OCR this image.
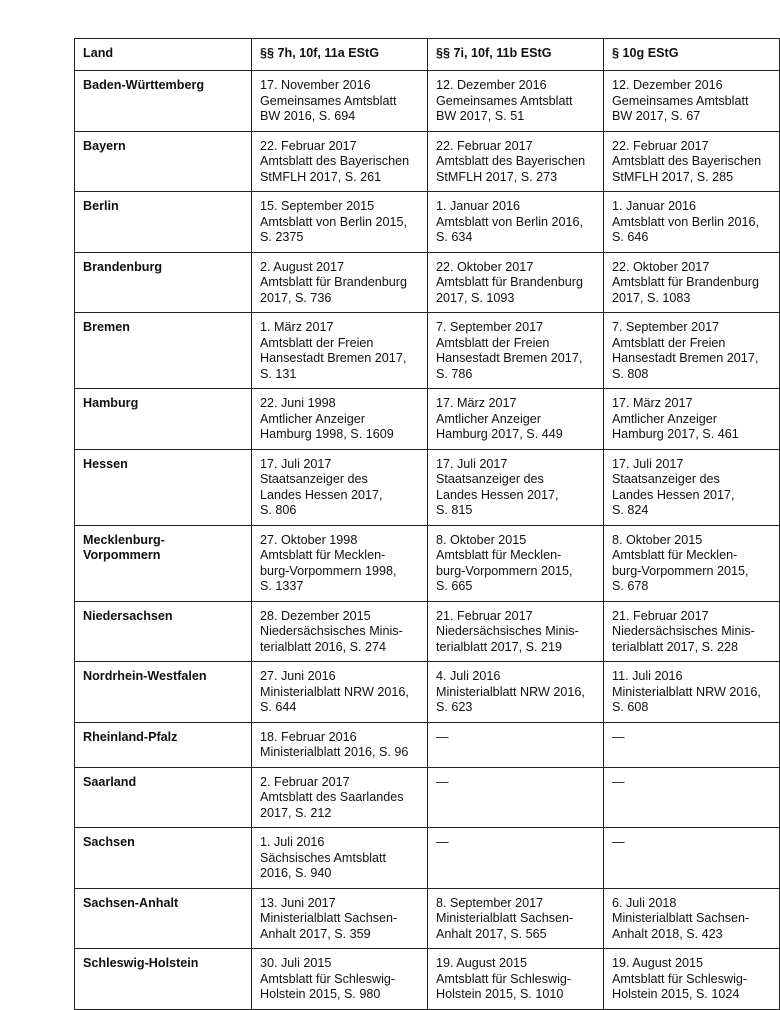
Land	§§ 7h, 10f, 11a EStG	§§ 7i, 10f, 11b EStG	§ 10g EStG
Baden-Württemberg	17. November 2016
Gemeinsames Amtsblatt
BW 2016, S. 694	12. Dezember 2016
Gemeinsames Amtsblatt
BW 2017, S. 51	12. Dezember 2016
Gemeinsames Amtsblatt
BW 2017, S. 67
Bayern	22. Februar 2017
Amtsblatt des Bayerischen
StMFLH 2017, S. 261	22. Februar 2017
Amtsblatt des Bayerischen
StMFLH 2017, S. 273	22. Februar 2017
Amtsblatt des Bayerischen
StMFLH 2017, S. 285
Berlin	15. September 2015
Amtsblatt von Berlin 2015,
S. 2375	1. Januar 2016
Amtsblatt von Berlin 2016,
S. 634	1. Januar 2016
Amtsblatt von Berlin 2016,
S. 646
Brandenburg	2. August 2017
Amtsblatt für Brandenburg
2017, S. 736	22. Oktober 2017
Amtsblatt für Brandenburg
2017, S. 1093	22. Oktober 2017
Amtsblatt für Brandenburg
2017, S. 1083
Bremen	1. März 2017
Amtsblatt der Freien
Hansestadt Bremen 2017,
S. 131	7. September 2017
Amtsblatt der Freien
Hansestadt Bremen 2017,
S. 786	7. September 2017
Amtsblatt der Freien
Hansestadt Bremen 2017,
S. 808
Hamburg	22. Juni 1998
Amtlicher Anzeiger
Hamburg 1998, S. 1609	17. März 2017
Amtlicher Anzeiger
Hamburg 2017, S. 449	17. März 2017
Amtlicher Anzeiger
Hamburg 2017, S. 461
Hessen	17. Juli 2017
Staatsanzeiger des
Landes Hessen 2017,
S. 806	17. Juli 2017
Staatsanzeiger des
Landes Hessen 2017,
S. 815	17. Juli 2017
Staatsanzeiger des
Landes Hessen 2017,
S. 824
Mecklenburg-
Vorpommern	27. Oktober 1998
Amtsblatt für Mecklen-
burg-Vorpommern 1998,
S. 1337	8. Oktober 2015
Amtsblatt für Mecklen-
burg-Vorpommern 2015,
S. 665	8. Oktober 2015
Amtsblatt für Mecklen-
burg-Vorpommern 2015,
S. 678
Niedersachsen	28. Dezember 2015
Niedersächsisches Minis-
terialblatt 2016, S. 274	21. Februar 2017
Niedersächsisches Minis-
terialblatt 2017, S. 219	21. Februar 2017
Niedersächsisches Minis-
terialblatt 2017, S. 228
Nordrhein-Westfalen	27. Juni 2016
Ministerialblatt NRW 2016,
S. 644	4. Juli 2016
Ministerialblatt NRW 2016,
S. 623	11. Juli 2016
Ministerialblatt NRW 2016,
S. 608
Rheinland-Pfalz	18. Februar 2016
Ministerialblatt 2016, S. 96	—	—
Saarland	2. Februar 2017
Amtsblatt des Saarlandes
2017, S. 212	—	—
Sachsen	1. Juli 2016
Sächsisches Amtsblatt
2016, S. 940	—	—
Sachsen-Anhalt	13. Juni 2017
Ministerialblatt Sachsen-
Anhalt 2017, S. 359	8. September 2017
Ministerialblatt Sachsen-
Anhalt 2017, S. 565	6. Juli 2018
Ministerialblatt Sachsen-
Anhalt 2018, S. 423
Schleswig-Holstein	30. Juli 2015
Amtsblatt für Schleswig-
Holstein 2015, S. 980	19. August 2015
Amtsblatt für Schleswig-
Holstein 2015, S. 1010	19. August 2015
Amtsblatt für Schleswig-
Holstein 2015, S. 1024
